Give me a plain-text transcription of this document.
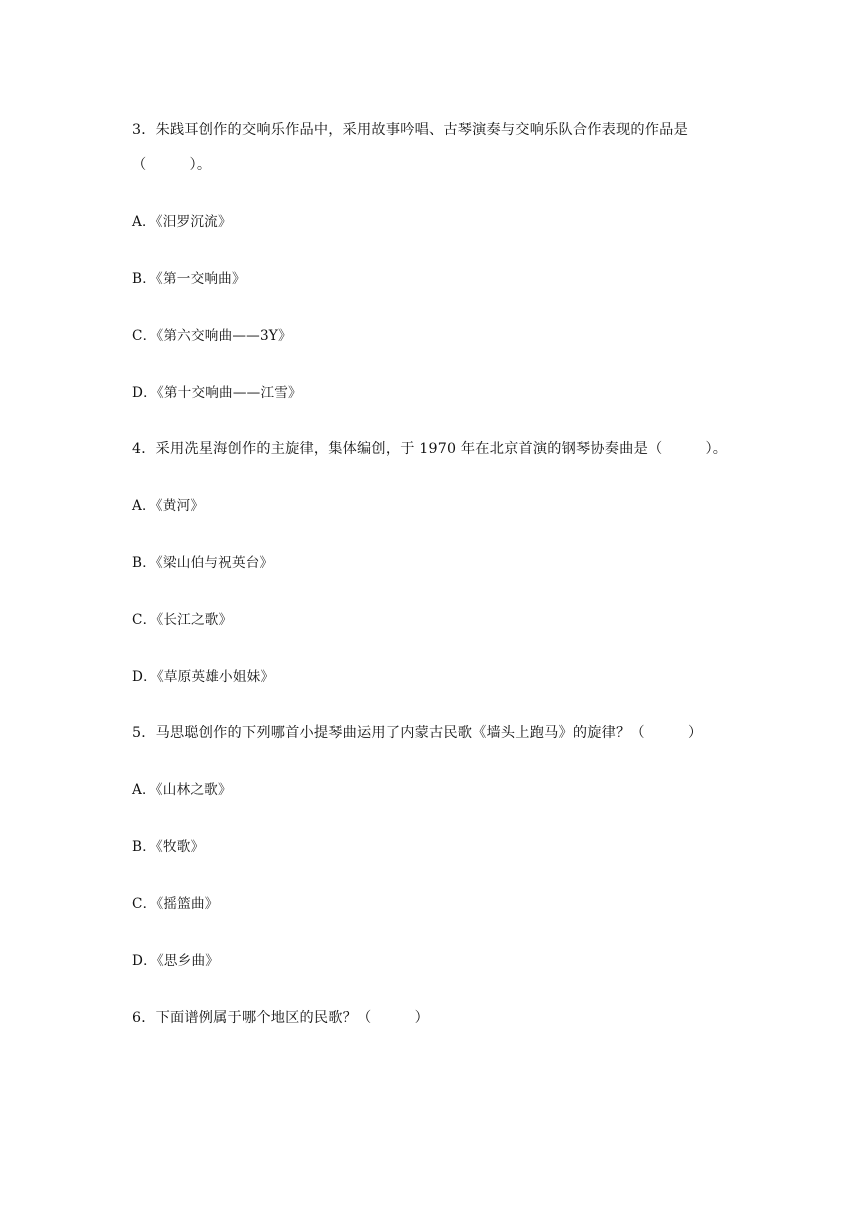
3．朱践耳创作的交响乐作品中，采用故事吟唱、古琴演奏与交响乐队合作表现的作品是
（　　　）。
A．《汨罗沉流》
B．《第一交响曲》
C．《第六交响曲——3Y》
D．《第十交响曲——江雪》
4．采用冼星海创作的主旋律，集体编创，于 1970 年在北京首演的钢琴协奏曲是（　　　）。
A．《黄河》
B．《梁山伯与祝英台》
C．《长江之歌》
D．《草原英雄小姐妹》
5．马思聪创作的下列哪首小提琴曲运用了内蒙古民歌《墙头上跑马》的旋律？（　　　）
A．《山林之歌》
B．《牧歌》
C．《摇篮曲》
D．《思乡曲》
6．下面谱例属于哪个地区的民歌？（　　　）
